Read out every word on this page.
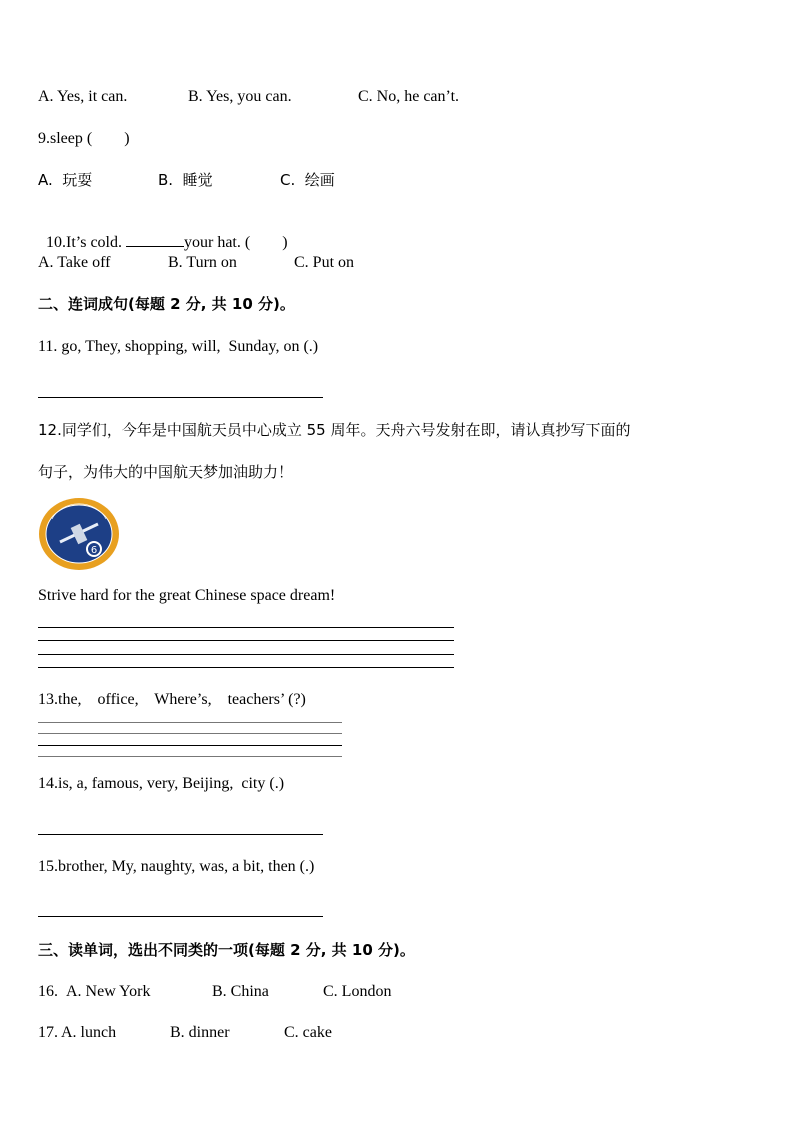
A. Yes, it can.

	B. Yes, you can.

	C. No, he can’t.

9.sleep (　　)

A.  玩耍

	B.  睡觉

	C.  绘画

10.It’s cold.	your hat. (　　)

A. Take off

	B. Turn on

	C. Put on

二、连词成句(每题 2 分, 共 10 分)。
11. go, They, shopping, will,  Sunday, on (.)
12.同学们，今年是中国航天员中心成立 55 周年。天舟六号发射在即，请认真抄写下面的
句子，为伟大的中国航天梦加油助力！
6
Strive hard for the great Chinese space dream!
13.the,    office,    Where’s,    teachers’ (?)
14.is, a, famous, very, Beijing,  city (.)
15.brother, My, naughty, was, a bit, then (.)
三、读单词，选出不同类的一项(每题 2 分, 共 10 分)。

16.

A. New York

	B. China

	C. London

17.

A. lunch

	B. dinner

	C. cake
